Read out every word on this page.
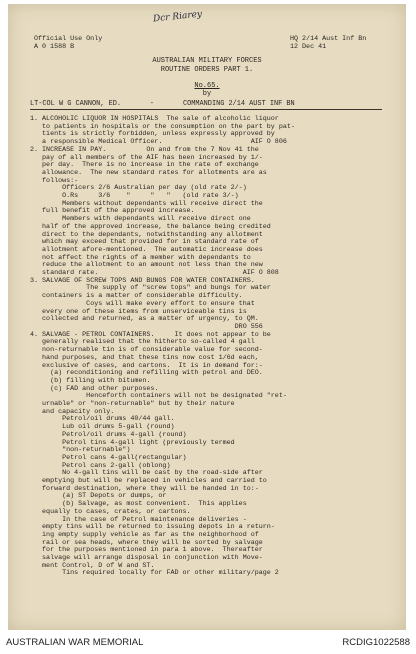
Dcr Riarey
Official Use Only
A 0 1588 B
HQ 2/14 Aust Inf Bn
12 Dec 41
AUSTRALIAN MILITARY FORCES
ROUTINE ORDERS PART 1.
No.65.
by
LT-COL W G CANNON, ED.       -       COMMANDING 2/14 AUST INF BN
1. ALCOHOLIC LIQUOR IN HOSPITALS  The sale of alcoholic liquor
to patients in hospitals or the consumption on the part by pat-
tients is strictly forbidden, unless expressly approved by
a responsible Medical Officer.                      AIF O 806
2. INCREASE IN PAY.          On and from the 7 Nov 41 the
pay of all members of the AIF has been increased by 1/-
per day.  There is no increase in the rate of exchange
allowance.  The new standard rates for allotments are as
follows:-
Officers 2/6 Australian per day (old rate 2/-)
O.Rs     3/6    "     "   "   (old rate 3/-)
Members without dependants will receive direct the
full benefit of the approved increase.
Members with dependants will receive direct one
half of the approved increase, the balance being credited
direct to the dependants, notwithstanding any allotment
which may exceed that provided for in standard rate of
allotment afore-mentioned.  The automatic increase does
not affect the rights of a member with dependants to
reduce the allotment to an amount not less than the new
standard rate.                                    AIF O 808
3. SALVAGE OF SCREW TOPS AND BUNGS FOR WATER CONTAINERS.
The supply of "screw tops" and bungs for water
containers is a matter of considerable difficulty.
Coys will make every effort to ensure that
every one of these items from unserviceable tins is
collected and returned, as a matter of urgency, to QM.
DRO 556
4. SALVAGE - PETROL CONTAINERS.     It does not appear to be
generally realised that the hitherto so-called 4 gall
non-returnable tin is of considerable value for second-
hand purposes, and that these tins now cost 1/6d each,
exclusive of cases, and cartons.  It is in demand for:-
(a) reconditioning and refilling with petrol and DEO.
(b) filling with bitumen.
(c) FAD and other purposes.
Henceforth containers will not be designated "ret-
urnable" or "non-returnable" but by their nature
and capacity only.
Petrol/oil drums 40/44 gall.
Lub oil drums 5-gall (round)
Petrol/oil drums 4-gall (round)
Petrol tins 4-gall light (previously termed
"non-returnable")
Petrol cans 4-gall(rectangular)
Petrol cans 2-gall (oblong)
No 4-gall tins will be cast by the road-side after
emptying but will be replaced in vehicles and carried to
forward destination, where they will be handed in to:-
(a) ST Depots or dumps, or
(b) Salvage, as most convenient.  This applies
equally to cases, crates, or cartons.
In the case of Petrol maintenance deliveries -
empty tins will be returned to issuing depots in a return-
ing empty supply vehicle as far as the neighborhood of
rail or sea heads, where they will be sorted by salvage
for the purposes mentioned in para 1 above.  Thereafter
salvage will arrange disposal in conjunction with Move-
ment Control, D of W and ST.
Tins required locally for FAD or other military/page 2
AUSTRALIAN WAR MEMORIAL	RCDIG1022588
